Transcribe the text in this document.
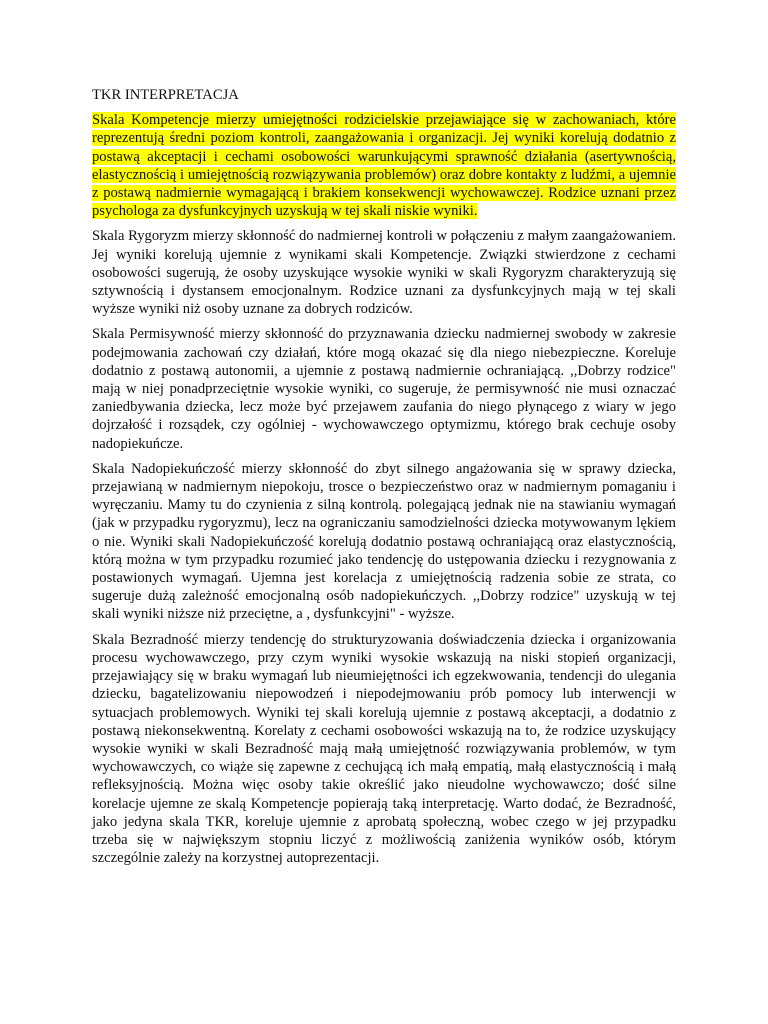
TKR INTERPRETACJA

Skala Kompetencje mierzy umiejętności rodzicielskie przejawiające się w zachowaniach, które reprezentują średni poziom kontroli, zaangażowania i organizacji. Jej wyniki korelują dodatnio z postawą akceptacji i cechami osobowości warunkującymi sprawność działania (asertywnością, elastycznością i umiejętnością rozwiązywania problemów) oraz dobre kontakty z ludźmi, a ujemnie z postawą nadmiernie wymagającą i brakiem konsekwencji wychowawczej. Rodzice uznani przez psychologa za dysfunkcyjnych uzyskują w tej skali niskie wyniki.

Skala Rygoryzm mierzy skłonność do nadmiernej kontroli w połączeniu z małym zaangażowaniem. Jej wyniki korelują ujemnie z wynikami skali Kompetencje. Związki stwierdzone z cechami osobowości sugerują, że osoby uzyskujące wysokie wyniki w skali Rygoryzm charakteryzują się sztywnością i dystansem emocjonalnym. Rodzice uznani za dysfunkcyjnych mają w tej skali wyższe wyniki niż osoby uznane za dobrych rodziców.

Skala Permisywność mierzy skłonność do przyznawania dziecku nadmiernej swobody w zakresie podejmowania zachowań czy działań, które mogą okazać się dla niego niebezpieczne. Koreluje dodatnio z postawą autonomii, a ujemnie z postawą nadmiernie ochraniającą. ,,Dobrzy rodzice" mają w niej ponadprzeciętnie wysokie wyniki, co sugeruje, że permisywność nie musi oznaczać zaniedbywania dziecka, lecz może być przejawem zaufania do niego płynącego z wiary w jego dojrzałość i rozsądek, czy ogólniej - wychowawczego optymizmu, którego brak cechuje osoby nadopiekuńcze.

Skala Nadopiekuńczość mierzy skłonność do zbyt silnego angażowania się w sprawy dziecka, przejawianą w nadmiernym niepokoju, trosce o bezpieczeństwo oraz w nadmiernym pomaganiu i wyręczaniu. Mamy tu do czynienia z silną kontrolą. polegającą jednak nie na stawianiu wymagań (jak w przypadku rygoryzmu), lecz na ograniczaniu samodzielności dziecka motywowanym lękiem o nie. Wyniki skali Nadopiekuńczość korelują dodatnio postawą ochraniającą oraz elastycznością, którą można w tym przypadku rozumieć jako tendencję do ustępowania dziecku i rezygnowania z postawionych wymagań. Ujemna jest korelacja z umiejętnością radzenia sobie ze strata, co sugeruje dużą zależność emocjonalną osób nadopiekuńczych. ,,Dobrzy rodzice" uzyskują w tej skali wyniki niższe niż przeciętne, a , dysfunkcyjni" - wyższe.

Skala Bezradność mierzy tendencję do strukturyzowania doświadczenia dziecka i organizowania procesu wychowawczego, przy czym wyniki wysokie wskazują na niski stopień organizacji, przejawiający się w braku wymagań lub nieumiejętności ich egzekwowania, tendencji do ulegania dziecku, bagatelizowaniu niepowodzeń i niepodejmowaniu prób pomocy lub interwencji w sytuacjach problemowych. Wyniki tej skali korelują ujemnie z postawą akceptacji, a dodatnio z postawą niekonsekwentną. Korelaty z cechami osobowości wskazują na to, że rodzice uzyskujący wysokie wyniki w skali Bezradność mają małą umiejętność rozwiązywania problemów, w tym wychowawczych, co wiąże się zapewne z cechującą ich małą empatią, małą elastycznością i małą refleksyjnością. Można więc osoby takie określić jako nieudolne wychowawczo; dość silne korelacje ujemne ze skalą Kompetencje popierają taką interpretację. Warto dodać, że Bezradność, jako jedyna skala TKR, koreluje ujemnie z aprobatą społeczną, wobec czego w jej przypadku trzeba się w największym stopniu liczyć z możliwością zaniżenia wyników osób, którym szczególnie zależy na korzystnej autoprezentacji.
